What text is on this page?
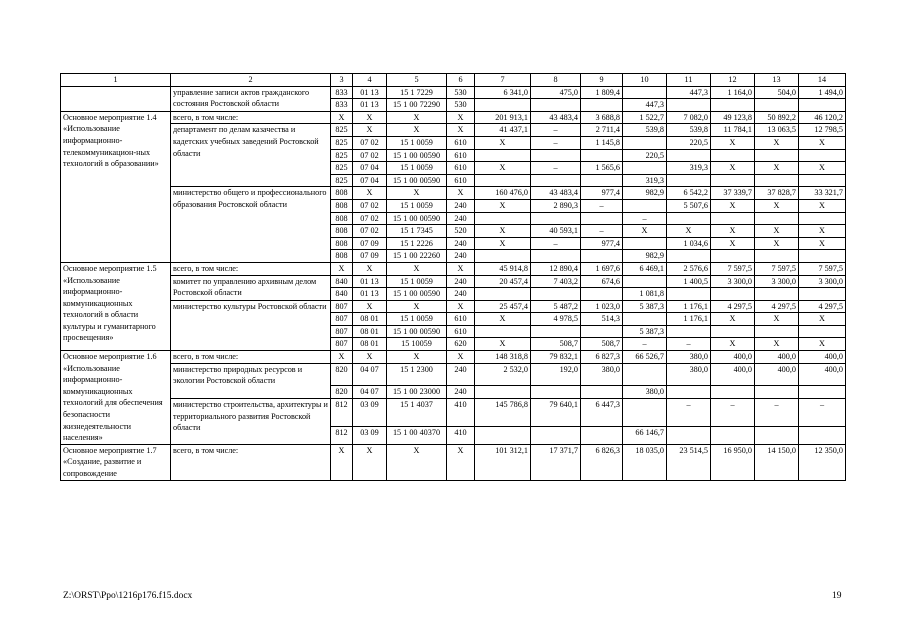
1	2	3	4	5	6	7	8	9	10	11	12	13	14
	управление записи актов гражданского состояния Ростовской области	833	01 13	15 1 7229	530	6 341,0	475,0	1 809,4		447,3	1 164,0	504,0	1 494,0
		833	01 13	15 1 00 72290	530				447,3				
Основное мероприятие 1.4 «Использование информационно-телекоммуникацион-ных технологий в образовании»	всего, в том числе:	X	X	X	X	201 913,1	43 483,4	3 688,8	1 522,7	7 082,0	49 123,8	50 892,2	46 120,2
	департамент по делам казачества и кадетских учебных заведений Ростовской области	825	X	X	X	41 437,1	–	2 711,4	539,8	539,8	11 784,1	13 063,5	12 798,5
		825	07 02	15 1 0059	610	X	–	1 145,8		220,5	X	X	X
		825	07 02	15 1 00 00590	610				220,5				
		825	07 04	15 1 0059	610	X	–	1 565,6		319,3	X	X	X
		825	07 04	15 1 00 00590	610				319,3				
	министерство общего и профессионального образования Ростовской области	808	X	X	X	160 476,0	43 483,4	977,4	982,9	6 542,2	37 339,7	37 828,7	33 321,7
		808	07 02	15 1 0059	240	X	2 890,3	–		5 507,6	X	X	X
		808	07 02	15 1 00 00590	240				–				
		808	07 02	15 1 7345	520	X	40 593,1	–	X	X	X	X	X
		808	07 09	15 1 2226	240	X	–	977,4		1 034,6	X	X	X
		808	07 09	15 1 00 22260	240				982,9				
Основное мероприятие 1.5 «Использование информационно-коммуникационных технологий в области культуры и гуманитарного просвещения»	всего, в том числе:	X	X	X	X	45 914,8	12 890,4	1 697,6	6 469,1	2 576,6	7 597,5	7 597,5	7 597,5
	комитет по управлению архивным делом Ростовской области	840	01 13	15 1 0059	240	20 457,4	7 403,2	674,6		1 400,5	3 300,0	3 300,0	3 300,0
		840	01 13	15 1 00 00590	240				1 081,8				
	министерство культуры Ростовской области	807	X	X	X	25 457,4	5 487,2	1 023,0	5 387,3	1 176,1	4 297,5	4 297,5	4 297,5
		807	08 01	15 1 0059	610	X	4 978,5	514,3		1 176,1	X	X	X
		807	08 01	15 1 00 00590	610				5 387,3				
		807	08 01	15 10059	620	X	508,7	508,7	–	–	X	X	X
Основное мероприятие 1.6 «Использование информационно-коммуникационных технологий для обеспечения безопасности жизнедеятельности населения»	всего, в том числе:	X	X	X	X	148 318,8	79 832,1	6 827,3	66 526,7	380,0	400,0	400,0	400,0
	министерство природных ресурсов и экологии Ростовской области	820	04 07	15 1 2300	240	2 532,0	192,0	380,0		380,0	400,0	400,0	400,0
		820	04 07	15 1 00 23000	240				380,0				
	министерство строительства, архитектуры и территориального развития Ростовской области	812	03 09	15 1 4037	410	145 786,8	79 640,1	6 447,3		–	–	–	–
		812	03 09	15 1 00 40370	410				66 146,7				
Основное мероприятие 1.7 «Создание, развитие и сопровождение	всего, в том числе:	X	X	X	X	101 312,1	17 371,7	6 826,3	18 035,0	23 514,5	16 950,0	14 150,0	12 350,0
Z:\ORST\Ppo\1216p176.f15.docx	19
